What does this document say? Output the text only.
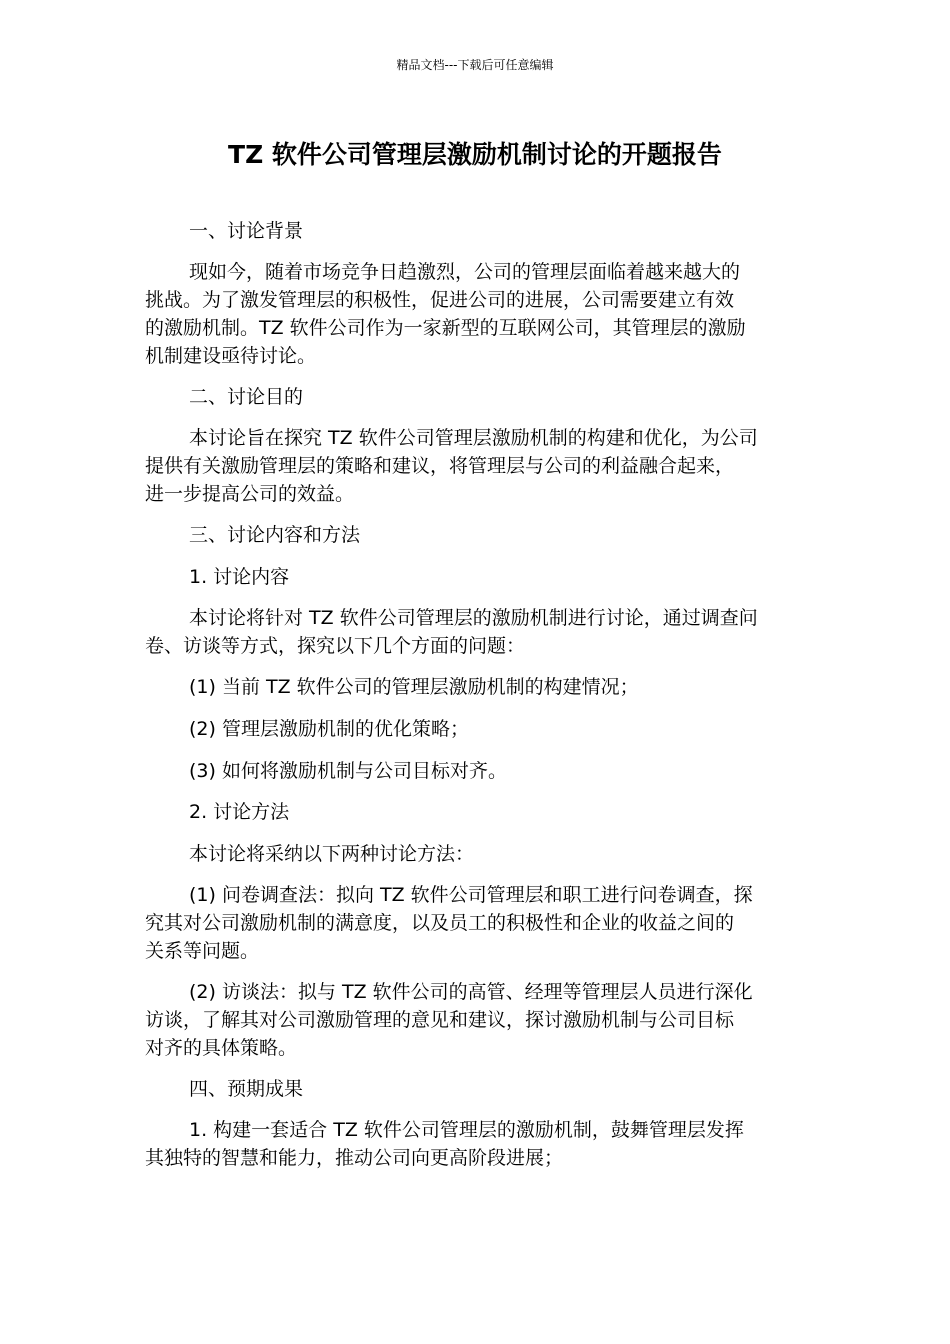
精品文档---下载后可任意编辑
TZ 软件公司管理层激励机制讨论的开题报告
一、讨论背景
现如今，随着市场竞争日趋激烈，公司的管理层面临着越来越大的
挑战。为了激发管理层的积极性，促进公司的进展，公司需要建立有效
的激励机制。TZ 软件公司作为一家新型的互联网公司，其管理层的激励
机制建设亟待讨论。
二、讨论目的
本讨论旨在探究 TZ 软件公司管理层激励机制的构建和优化，为公司
提供有关激励管理层的策略和建议，将管理层与公司的利益融合起来，
进一步提高公司的效益。
三、讨论内容和方法
1. 讨论内容
本讨论将针对 TZ 软件公司管理层的激励机制进行讨论，通过调查问
卷、访谈等方式，探究以下几个方面的问题：
(1) 当前 TZ 软件公司的管理层激励机制的构建情况；
(2) 管理层激励机制的优化策略；
(3) 如何将激励机制与公司目标对齐。
2. 讨论方法
本讨论将采纳以下两种讨论方法：
(1) 问卷调查法：拟向 TZ 软件公司管理层和职工进行问卷调查，探
究其对公司激励机制的满意度，以及员工的积极性和企业的收益之间的
关系等问题。
(2) 访谈法：拟与 TZ 软件公司的高管、经理等管理层人员进行深化
访谈，了解其对公司激励管理的意见和建议，探讨激励机制与公司目标
对齐的具体策略。
四、预期成果
1. 构建一套适合 TZ 软件公司管理层的激励机制，鼓舞管理层发挥
其独特的智慧和能力，推动公司向更高阶段进展；
